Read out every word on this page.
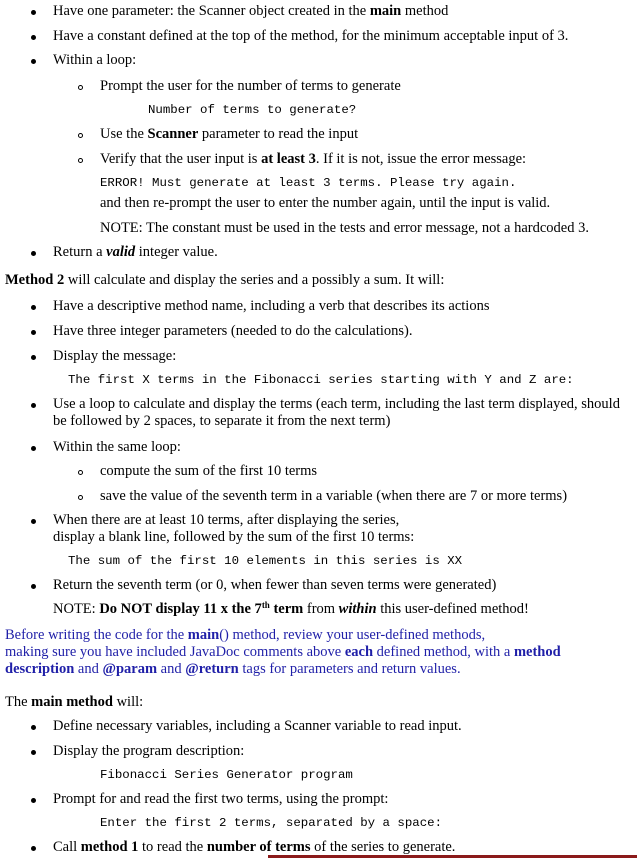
Have one parameter: the Scanner object created in the main method
Have a constant defined at the top of the method, for the minimum acceptable input of 3.
Within a loop:
Prompt the user for the number of terms to generate
Number of terms to generate?
Use the Scanner parameter to read the input
Verify that the user input is at least 3. If it is not, issue the error message:
ERROR! Must generate at least 3 terms. Please try again.
and then re-prompt the user to enter the number again, until the input is valid.
NOTE: The constant must be used in the tests and error message, not a hardcoded 3.
Return a valid integer value.
Method 2 will calculate and display the series and a possibly a sum. It will:
Have a descriptive method name, including a verb that describes its actions
Have three integer parameters (needed to do the calculations).
Display the message:
The first X terms in the Fibonacci series starting with Y and Z are:
Use a loop to calculate and display the terms (each term, including the last term displayed, should
be followed by 2 spaces, to separate it from the next term)
Within the same loop:
compute the sum of the first 10 terms
save the value of the seventh term in a variable (when there are 7 or more terms)
When there are at least 10 terms, after displaying the series,
display a blank line, followed by the sum of the first 10 terms:
The sum of the first 10 elements in this series is XX
Return the seventh term (or 0, when fewer than seven terms were generated)
NOTE: Do NOT display 11 x the 7th term from within this user-defined method!
Before writing the code for the main() method, review your user-defined methods,
making sure you have included JavaDoc comments above each defined method, with a method
description and @param and @return tags for parameters and return values.
The main method will:
Define necessary variables, including a Scanner variable to read input.
Display the program description:
Fibonacci Series Generator program
Prompt for and read the first two terms, using the prompt:
Enter the first 2 terms, separated by a space:
Call method 1 to read the number of terms of the series to generate.
